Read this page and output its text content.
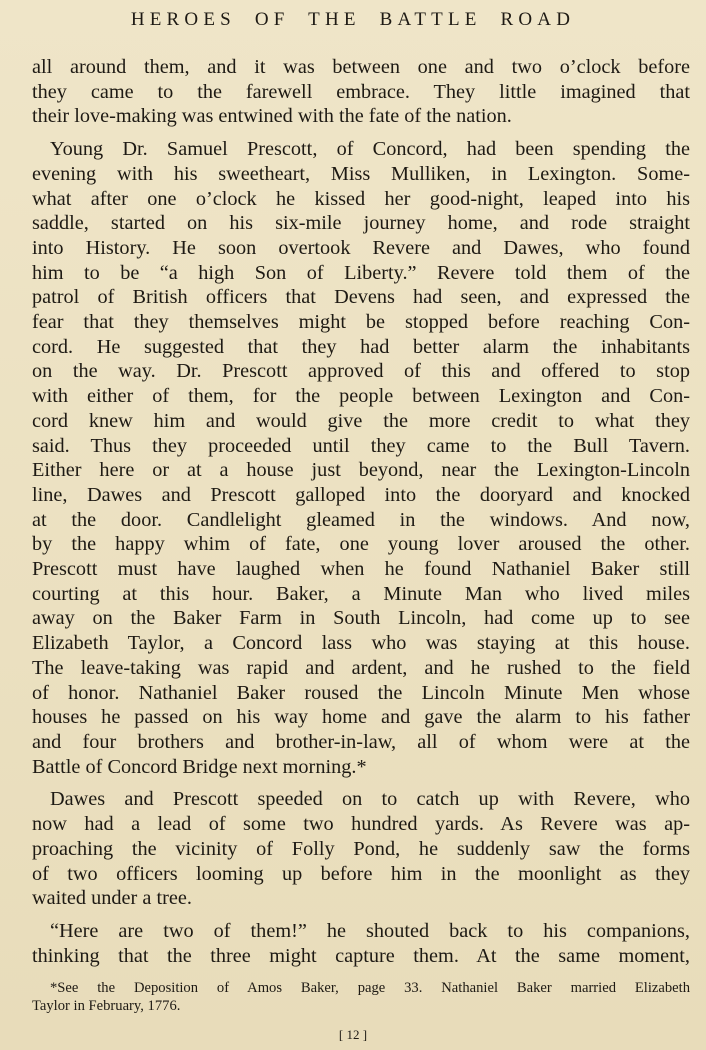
HEROES OF THE BATTLE ROAD

all around them, and it was between one and two o’clock before
they came to the farewell embrace. They little imagined that
their love-making was entwined with the fate of the nation.

Young Dr. Samuel Prescott, of Concord, had been spending the
evening with his sweetheart, Miss Mulliken, in Lexington. Some-
what after one o’clock he kissed her good-night, leaped into his
saddle, started on his six-mile journey home, and rode straight
into History. He soon overtook Revere and Dawes, who found
him to be “a high Son of Liberty.” Revere told them of the
patrol of British officers that Devens had seen, and expressed the
fear that they themselves might be stopped before reaching Con-
cord. He suggested that they had better alarm the inhabitants
on the way. Dr. Prescott approved of this and offered to stop
with either of them, for the people between Lexington and Con-
cord knew him and would give the more credit to what they
said. Thus they proceeded until they came to the Bull Tavern.
Either here or at a house just beyond, near the Lexington-Lincoln
line, Dawes and Prescott galloped into the dooryard and knocked
at the door. Candlelight gleamed in the windows. And now,
by the happy whim of fate, one young lover aroused the other.
Prescott must have laughed when he found Nathaniel Baker still
courting at this hour. Baker, a Minute Man who lived miles
away on the Baker Farm in South Lincoln, had come up to see
Elizabeth Taylor, a Concord lass who was staying at this house.
The leave-taking was rapid and ardent, and he rushed to the field
of honor. Nathaniel Baker roused the Lincoln Minute Men whose
houses he passed on his way home and gave the alarm to his father
and four brothers and brother-in-law, all of whom were at the
Battle of Concord Bridge next morning.*

Dawes and Prescott speeded on to catch up with Revere, who
now had a lead of some two hundred yards. As Revere was ap-
proaching the vicinity of Folly Pond, he suddenly saw the forms
of two officers looming up before him in the moonlight as they
waited under a tree.

“Here are two of them!” he shouted back to his companions,
thinking that the three might capture them. At the same moment,

*See the Deposition of Amos Baker, page 33. Nathaniel Baker married Elizabeth
Taylor in February, 1776.
[ 12 ]
